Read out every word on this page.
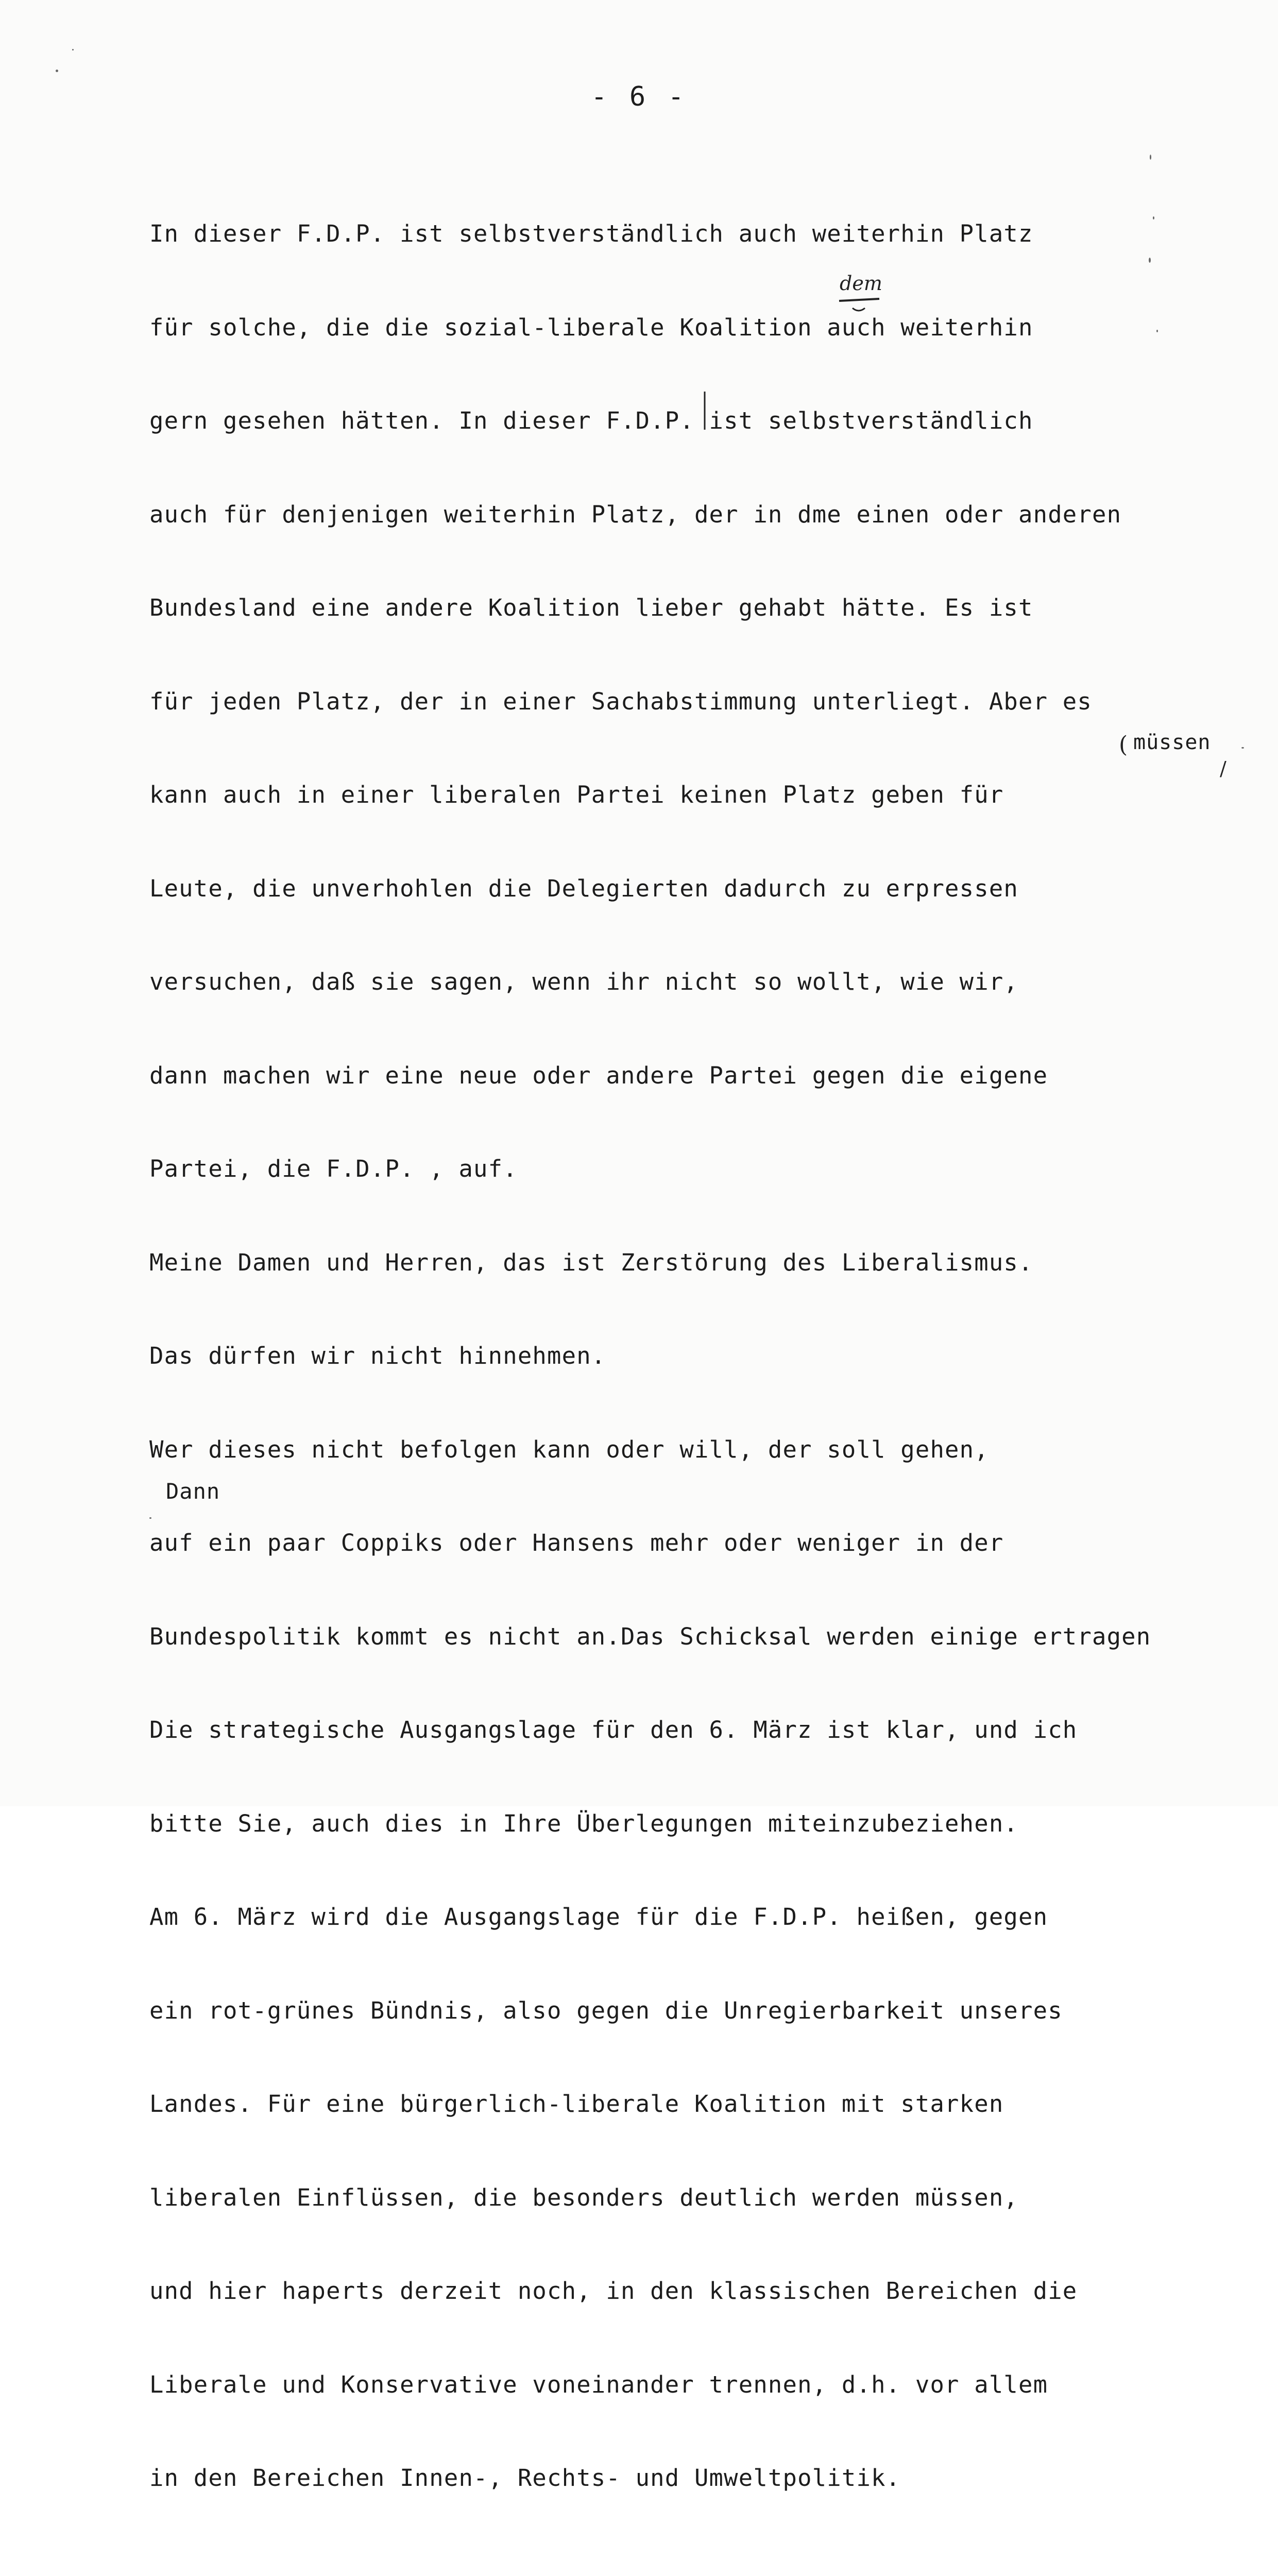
- 6 -

In dieser F.D.P. ist selbstverständlich auch weiterhin Platz

für solche, die die sozial-liberale Koalition auch weiterhin

gern gesehen hätten. In dieser F.D.P. ist selbstverständlich

auch für denjenigen weiterhin Platz, der in dme einen oder anderen

Bundesland eine andere Koalition lieber gehabt hätte. Es ist

für jeden Platz, der in einer Sachabstimmung unterliegt. Aber es

kann auch in einer liberalen Partei keinen Platz geben für

Leute, die unverhohlen die Delegierten dadurch zu erpressen

versuchen, daß sie sagen, wenn ihr nicht so wollt, wie wir,

dann machen wir eine neue oder andere Partei gegen die eigene

Partei, die F.D.P. , auf.

Meine Damen und Herren, das ist Zerstörung des Liberalismus.

Das dürfen wir nicht hinnehmen.

Wer dieses nicht befolgen kann oder will, der soll gehen,

auf ein paar Coppiks oder Hansens mehr oder weniger in der

Bundespolitik kommt es nicht an.Das Schicksal werden einige ertragen

Die strategische Ausgangslage für den 6. März ist klar, und ich

bitte Sie, auch dies in Ihre Überlegungen miteinzubeziehen.

Am 6. März wird die Ausgangslage für die F.D.P. heißen, gegen

ein rot-grünes Bündnis, also gegen die Unregierbarkeit unseres

Landes. Für eine bürgerlich-liberale Koalition mit starken

liberalen Einflüssen, die besonders deutlich werden müssen,

und hier haperts derzeit noch, in den klassischen Bereichen die

Liberale und Konservative voneinander trennen, d.h. vor allem

in den Bereichen Innen-, Rechts- und Umweltpolitik.

dem
müssen
(
/
Dann
